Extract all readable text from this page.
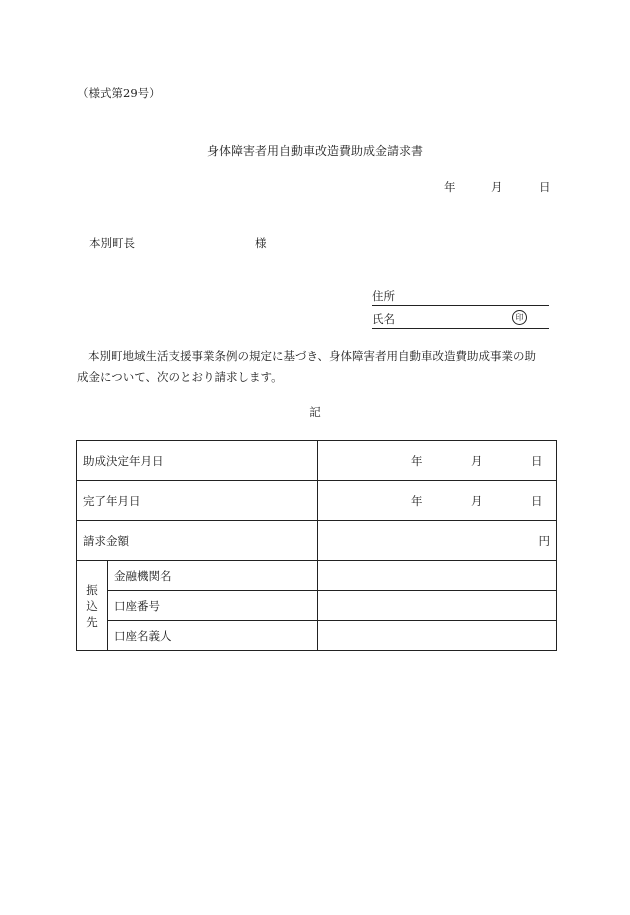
（様式第29号）
身体障害者用自動車改造費助成金請求書
年	月	日
本別町長	様
住所
氏名	印

本別町地域生活支援事業条例の規定に基づき、身体障害者用自動車改造費助成事業の助

成金について、次のとおり請求します。

記
助成決定年月日		年 月 日

完了年月日		年 月 日

請求金額		円

振
込
先	金融機関名	
	口座番号	
	口座名義人	
